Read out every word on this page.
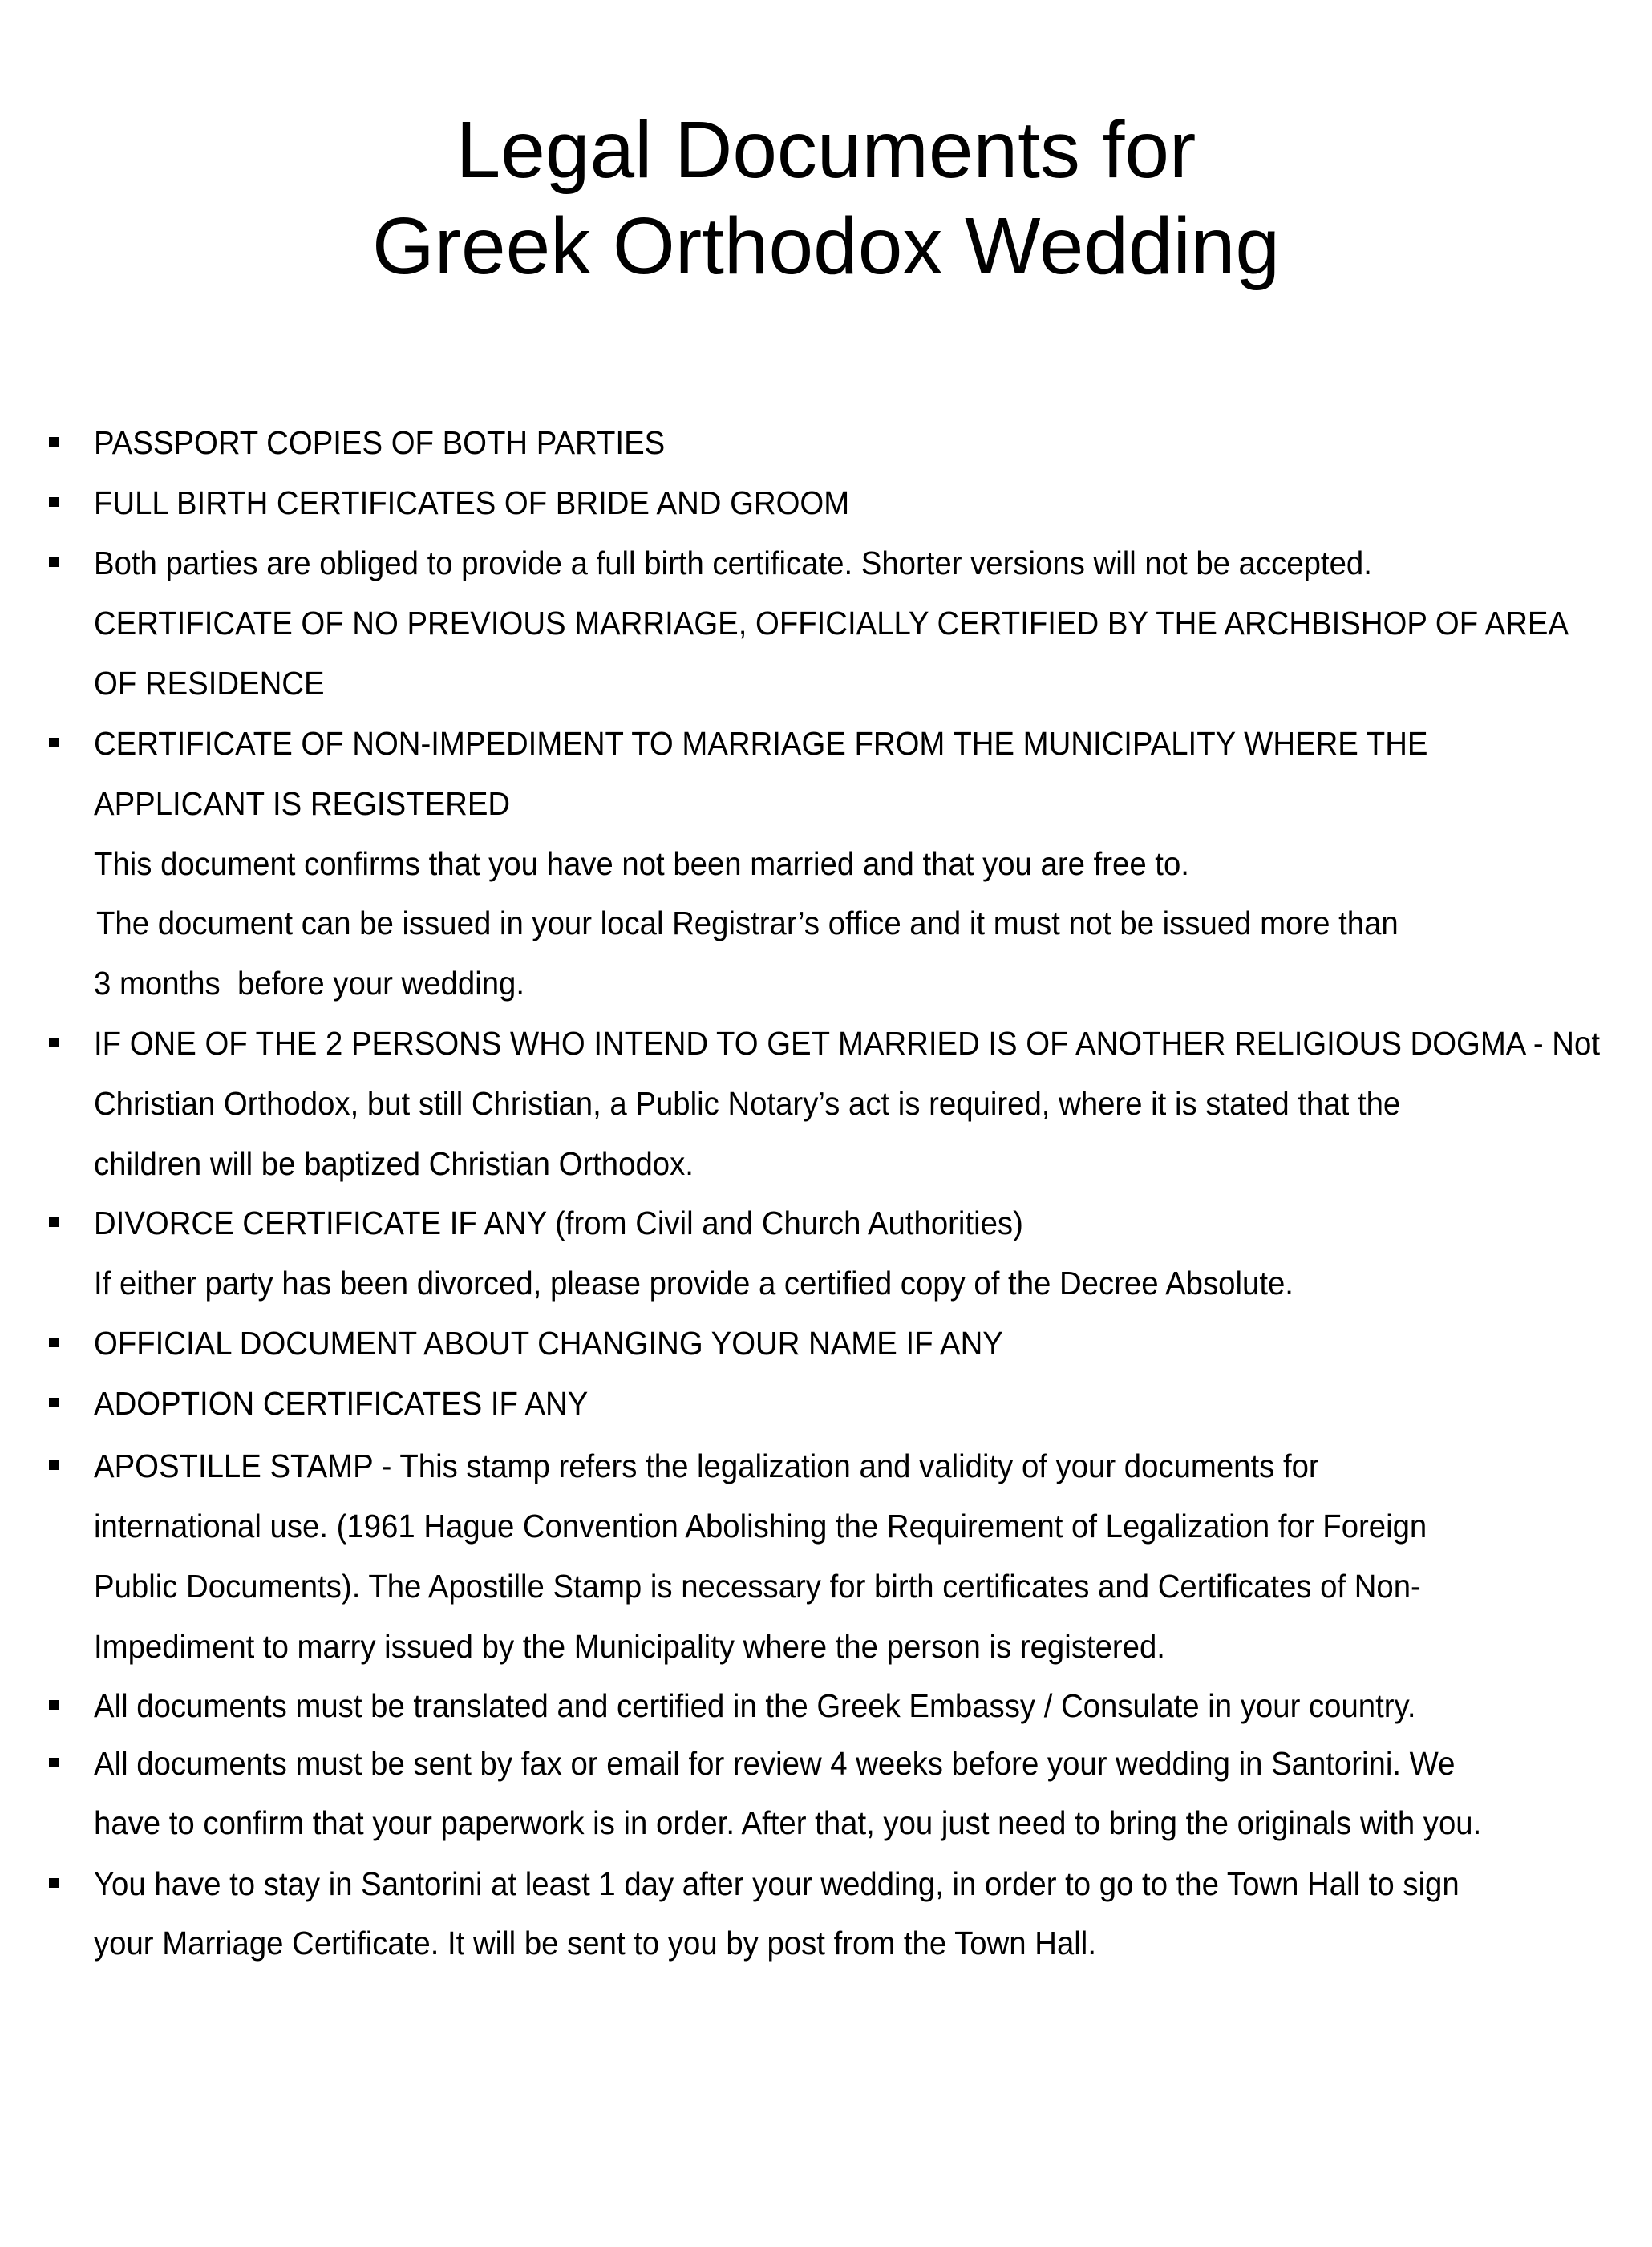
Legal Documents for
Greek Orthodox Wedding
PASSPORT COPIES OF BOTH PARTIES
FULL BIRTH CERTIFICATES OF BRIDE AND GROOM
Both parties are obliged to provide a full birth certificate. Shorter versions will not be accepted.
CERTIFICATE OF NO PREVIOUS MARRIAGE, OFFICIALLY CERTIFIED BY THE ARCHBISHOP OF AREA
OF RESIDENCE
CERTIFICATE OF NON-IMPEDIMENT TO MARRIAGE FROM THE MUNICIPALITY WHERE THE
APPLICANT IS REGISTERED
This document confirms that you have not been married and that you are free to.
The document can be issued in your local Registrar’s office and it must not be issued more than
3 months  before your wedding.
IF ONE OF THE 2 PERSONS WHO INTEND TO GET MARRIED IS OF ANOTHER RELIGIOUS DOGMA - Not
Christian Orthodox, but still Christian, a Public Notary’s act is required, where it is stated that the
children will be baptized Christian Orthodox.
DIVORCE CERTIFICATE IF ANY (from Civil and Church Authorities)
If either party has been divorced, please provide a certified copy of the Decree Absolute.
OFFICIAL DOCUMENT ABOUT CHANGING YOUR NAME IF ANY
ADOPTION CERTIFICATES IF ANY
APOSTILLE STAMP - This stamp refers the legalization and validity of your documents for
international use. (1961 Hague Convention Abolishing the Requirement of Legalization for Foreign
Public Documents). The Apostille Stamp is necessary for birth certificates and Certificates of Non-
Impediment to marry issued by the Municipality where the person is registered.
All documents must be translated and certified in the Greek Embassy / Consulate in your country.
All documents must be sent by fax or email for review 4 weeks before your wedding in Santorini. We
have to confirm that your paperwork is in order. After that, you just need to bring the originals with you.
You have to stay in Santorini at least 1 day after your wedding, in order to go to the Town Hall to sign
your Marriage Certificate. It will be sent to you by post from the Town Hall.
